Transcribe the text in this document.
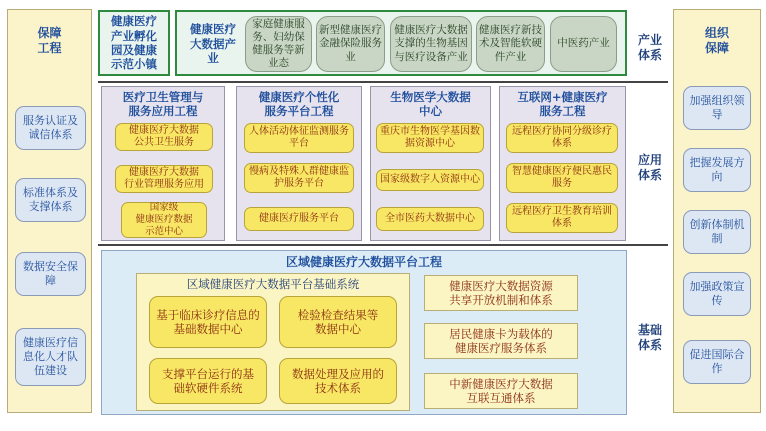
保障
工程
服务认证及诚信体系
标准体系及支撑体系
数据安全保障
健康医疗信息化人才队伍建设
组织
保障
加强组织领导
把握发展方向
创新体制机制
加强政策宣传
促进国际合作
产业
体系
应用
体系
基础
体系
健康医疗
产业孵化
园及健康
示范小镇
健康医疗
大数据产
业
家庭健康服务、妇幼保健服务等新业态
新型健康医疗金融保险服务业
健康医疗大数据支撑的生物基因与医疗设备产业
健康医疗新技术及智能软硬件产业
中医药产业
医疗卫生管理与
服务应用工程
健康医疗大数据
公共卫生服务
健康医疗大数据
行业管理服务应用
国家级
健康医疗数据
示范中心
健康医疗个性化
服务平台工程
人体活动体征监测服务
平台
慢病及特殊人群健康监
护服务平台
健康医疗服务平台
生物医学大数据
中心
重庆市生物医学基因数
据资源中心
国家级数字人资源中心
全市医药大数据中心
互联网+健康医疗
服务工程
远程医疗协同分级诊疗
体系
智慧健康医疗便民惠民
服务
远程医疗卫生教育培训
体系
区域健康医疗大数据平台工程
区域健康医疗大数据平台基础系统
基于临床诊疗信息的
基础数据中心
检验检查结果等
数据中心
支撑平台运行的基
础软硬件系统
数据处理及应用的
技术体系
健康医疗大数据资源
共享开放机制和体系
居民健康卡为载体的
健康医疗服务体系
中新健康医疗大数据
互联互通体系
